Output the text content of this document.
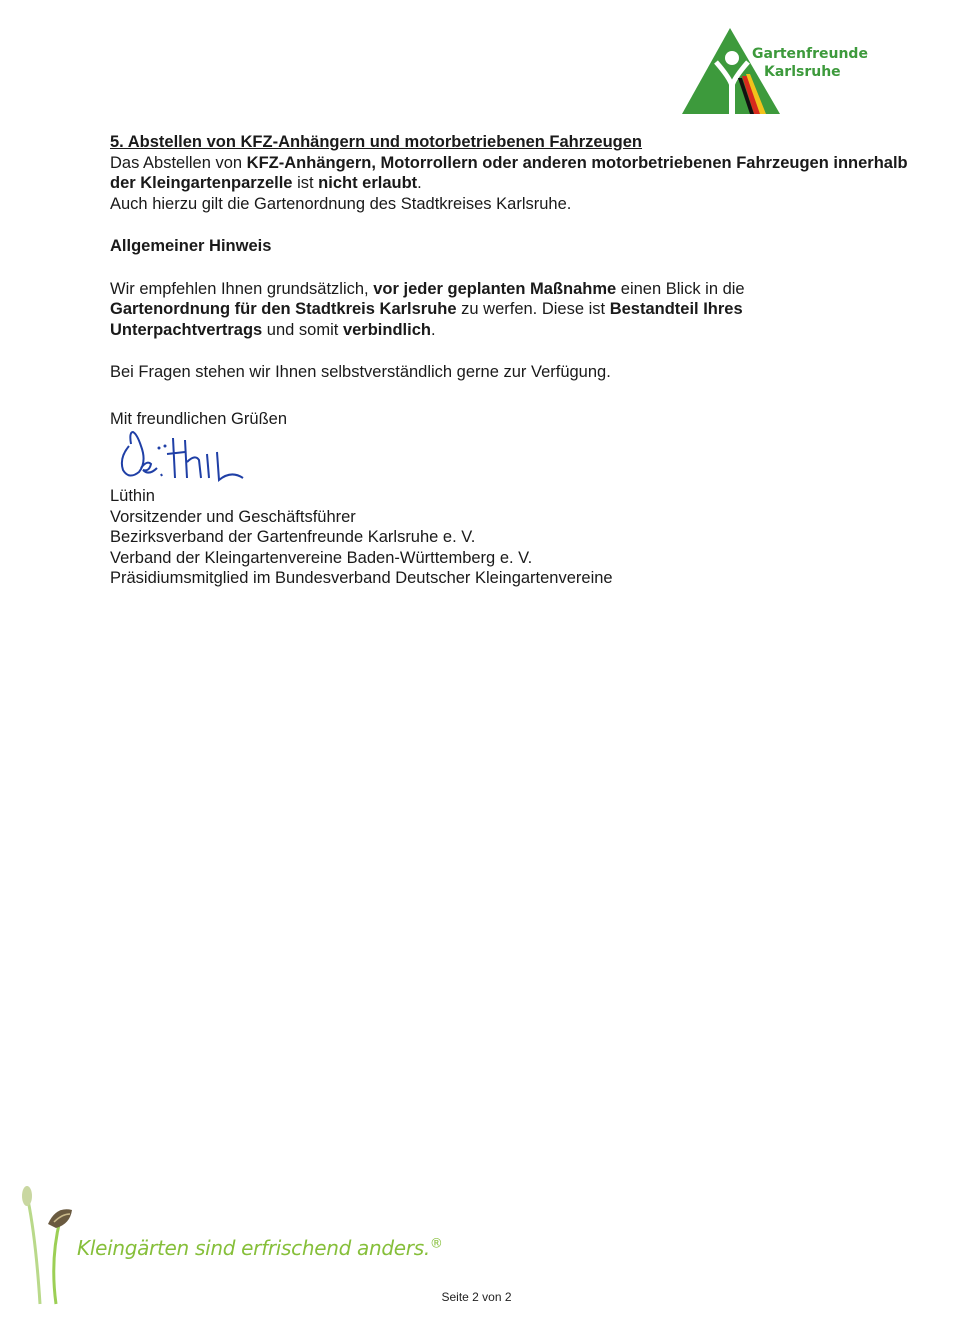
Gartenfreunde
Karlsruhe

5. Abstellen von KFZ-Anhängern und motorbetriebenen Fahrzeugen

Das Abstellen von KFZ-Anhängern, Motorrollern oder anderen motorbetriebenen Fahrzeugen innerhalb der Kleingartenparzelle ist nicht erlaubt.

Auch hierzu gilt die Gartenordnung des Stadtkreises Karlsruhe.

Allgemeiner Hinweis

Wir empfehlen Ihnen grundsätzlich, vor jeder geplanten Maßnahme einen Blick in die Gartenordnung für den Stadtkreis Karlsruhe zu werfen. Diese ist Bestandteil Ihres Unterpachtvertrags und somit verbindlich.

Bei Fragen stehen wir Ihnen selbstverständlich gerne zur Verfügung.

Mit freundlichen Grüßen

Lüthin

Vorsitzender und Geschäftsführer

Bezirksverband der Gartenfreunde Karlsruhe e. V.

Verband der Kleingartenvereine Baden-Württemberg e. V.

Präsidiumsmitglied im Bundesverband Deutscher Kleingartenvereine

Kleingärten sind erfrischend anders.®
Seite 2 von 2
